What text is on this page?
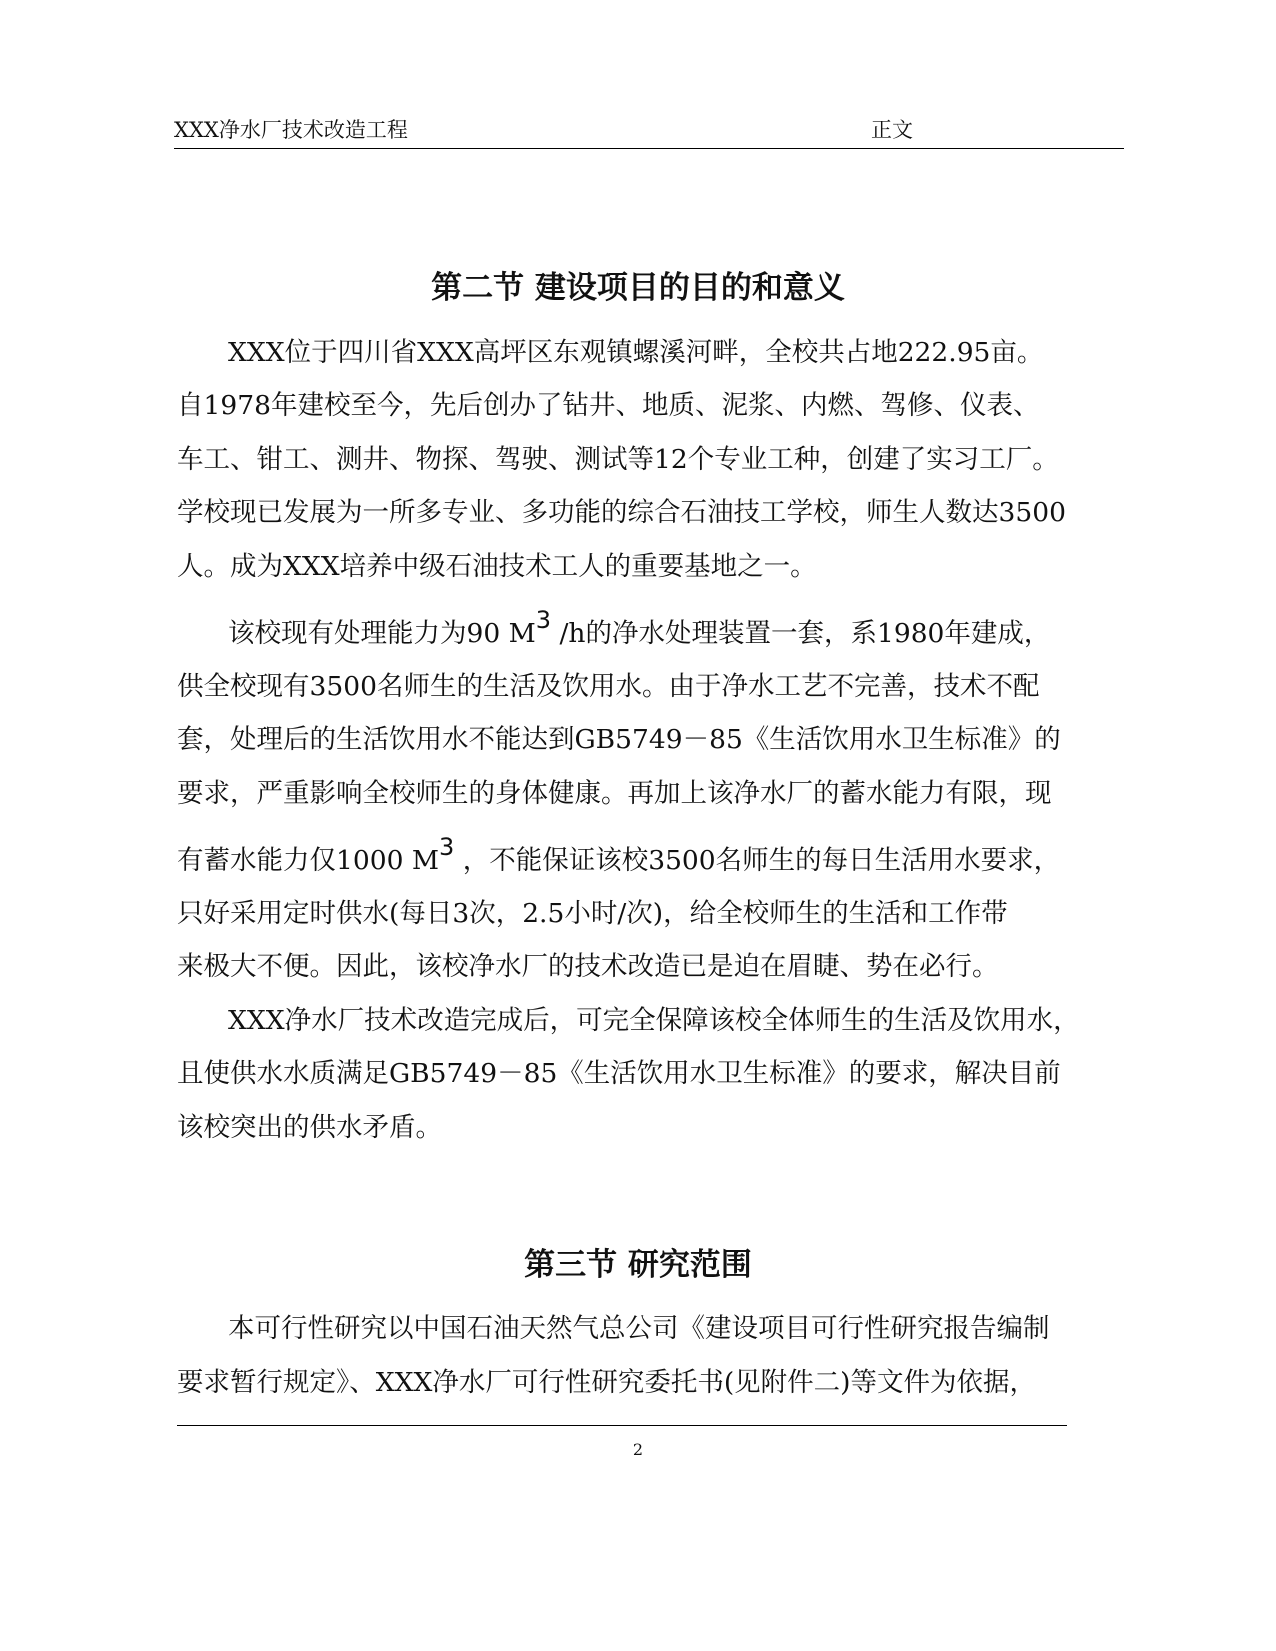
XXX净水厂技术改造工程	正文
第二节 建设项目的目的和意义
XXX位于四川省XXX高坪区东观镇螺溪河畔，全校共占地222.95亩。
自1978年建校至今，先后创办了钻井、地质、泥浆、内燃、驾修、仪表、
车工、钳工、测井、物探、驾驶、测试等12个专业工种，创建了实习工厂。
学校现已发展为一所多专业、多功能的综合石油技工学校，师生人数达3500
人。成为XXX培养中级石油技术工人的重要基地之一。
该校现有处理能力为90 $M^3$ /h的净水处理装置一套，系1980年建成，
供全校现有3500名师生的生活及饮用水。由于净水工艺不完善，技术不配
套，处理后的生活饮用水不能达到GB5749－85《生活饮用水卫生标准》的
要求，严重影响全校师生的身体健康。再加上该净水厂的蓄水能力有限，现
有蓄水能力仅1000 $M^3$ ，不能保证该校3500名师生的每日生活用水要求，
只好采用定时供水(每日3次，2.5小时/次)，给全校师生的生活和工作带
来极大不便。因此，该校净水厂的技术改造已是迫在眉睫、势在必行。
XXX净水厂技术改造完成后，可完全保障该校全体师生的生活及饮用水，
且使供水水质满足GB5749－85《生活饮用水卫生标准》的要求，解决目前
该校突出的供水矛盾。
第三节 研究范围
本可行性研究以中国石油天然气总公司《建设项目可行性研究报告编制
要求暂行规定》、XXX净水厂可行性研究委托书(见附件二)等文件为依据，
2
